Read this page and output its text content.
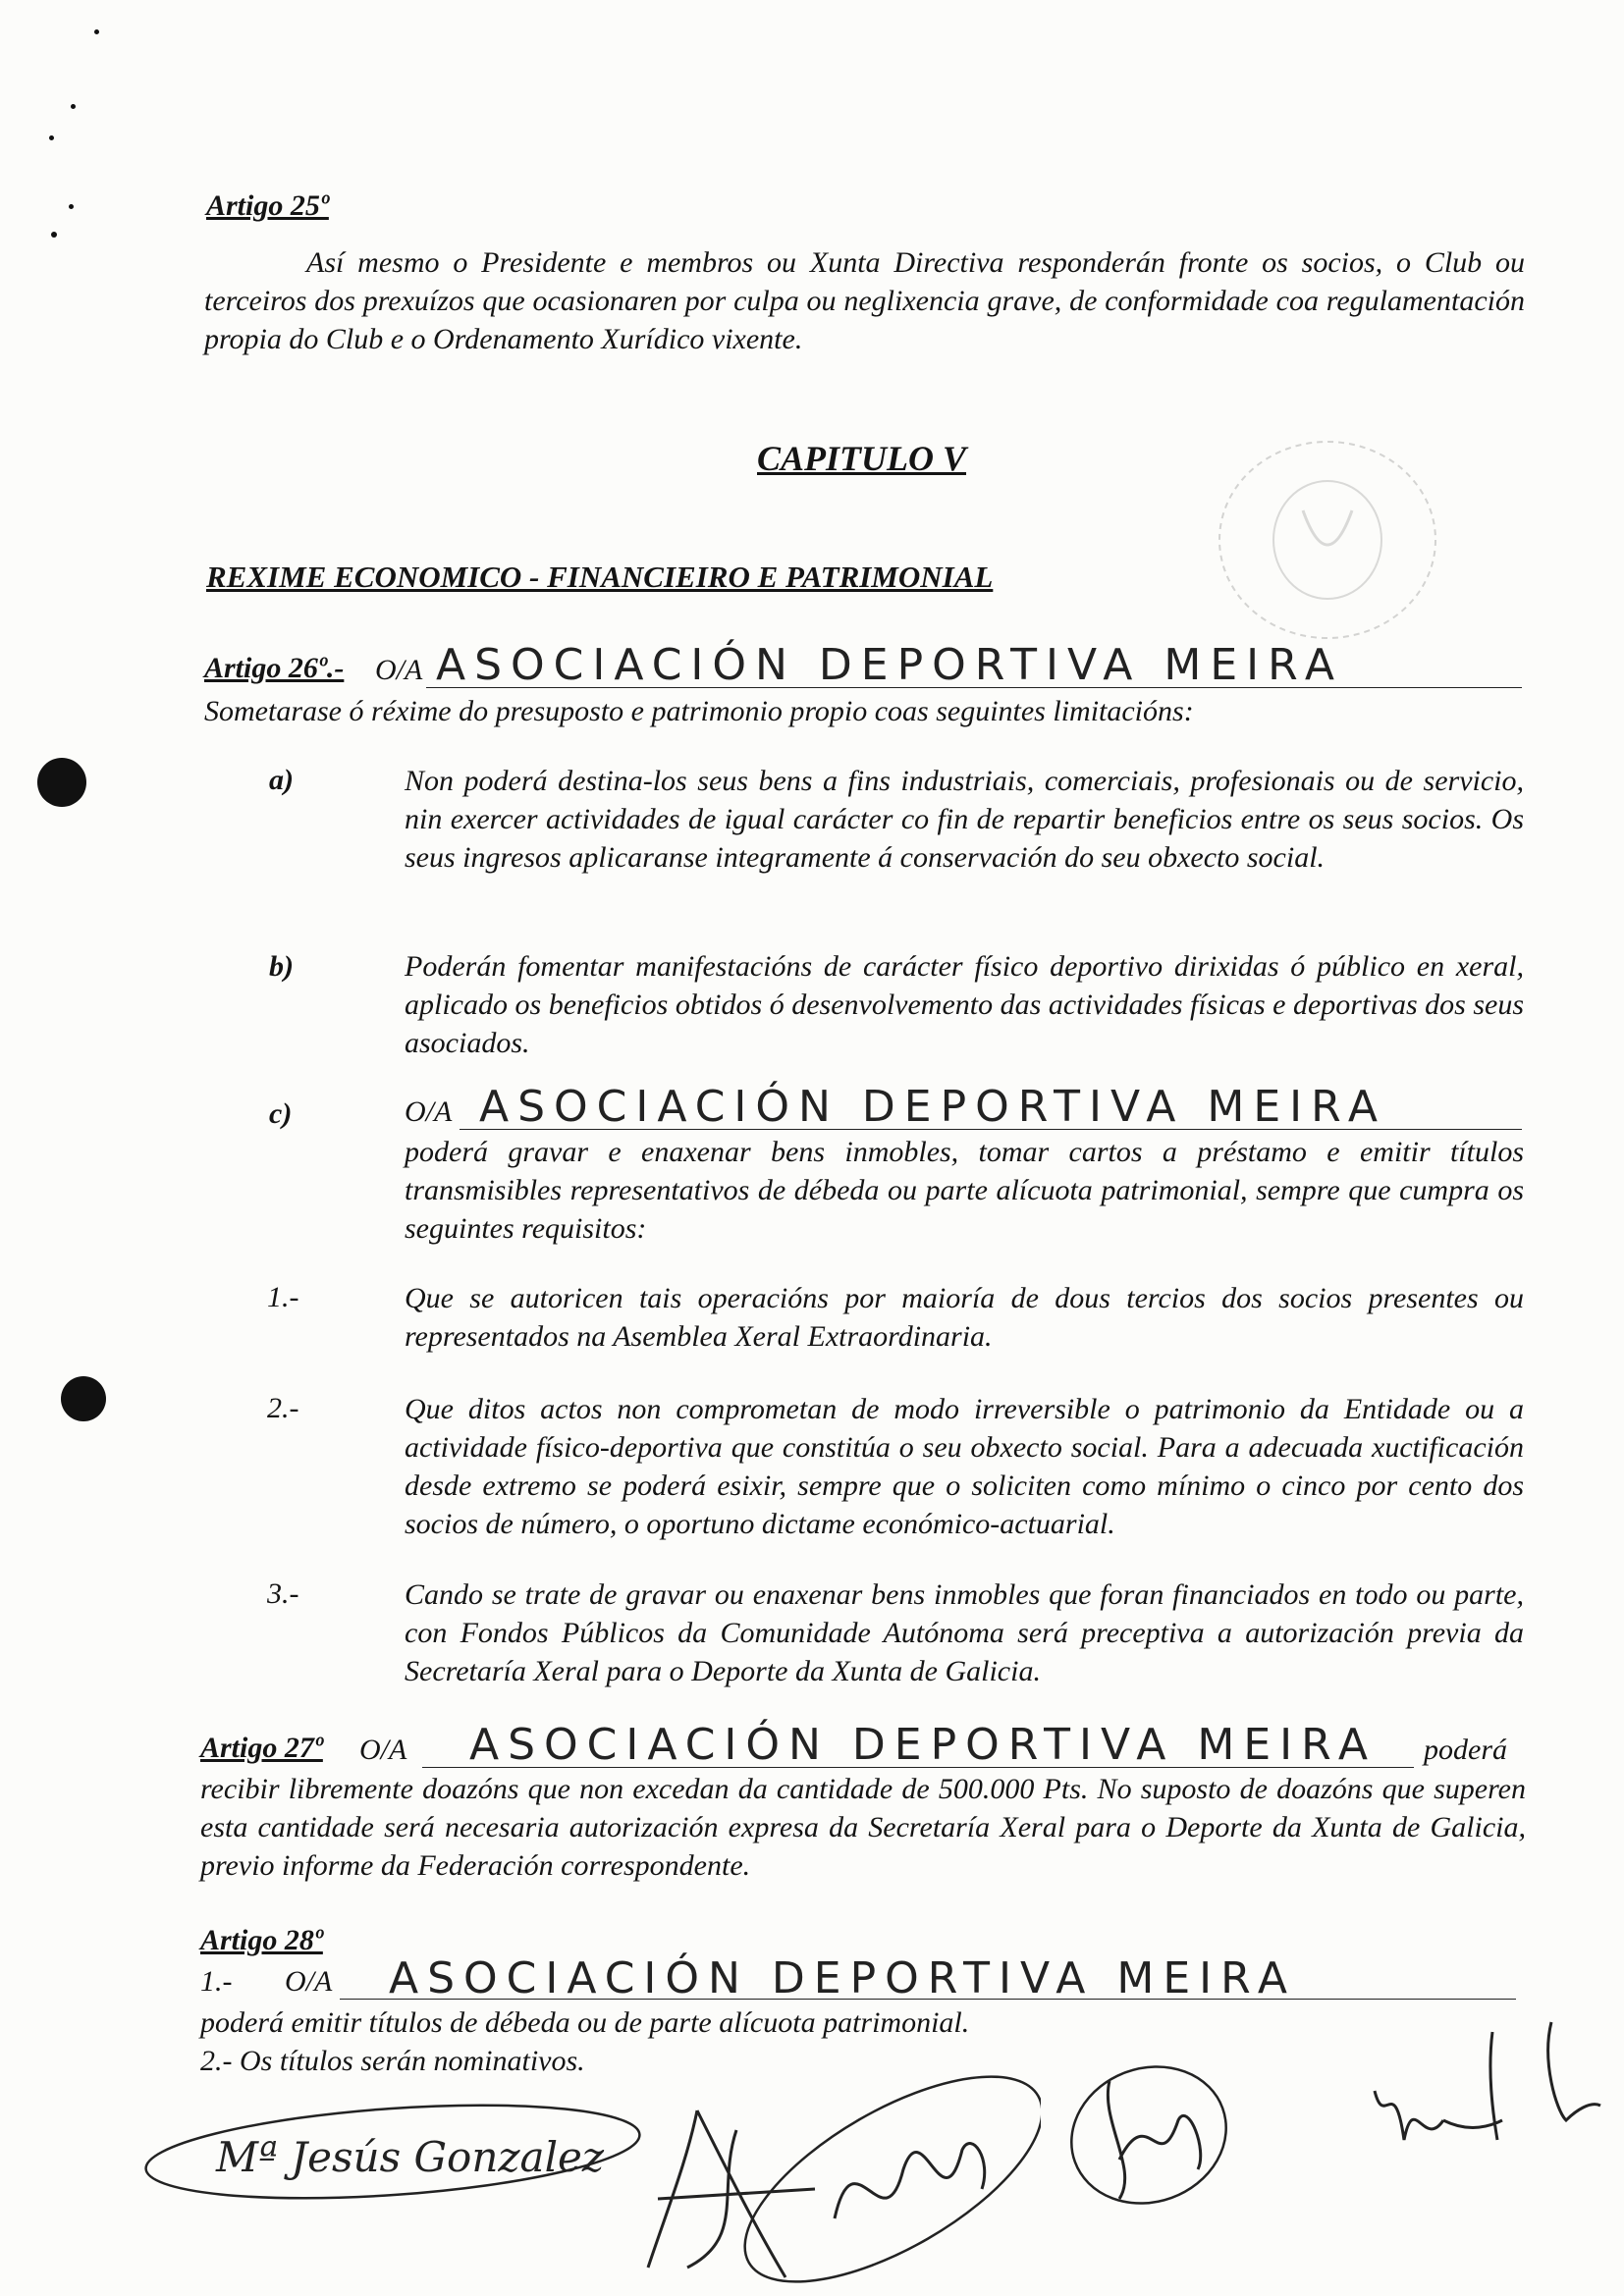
Artigo 25º
Así mesmo o Presidente e membros ou Xunta Directiva responderán fronte os socios, o Club ou terceiros dos prexuízos que ocasionaren por culpa ou neglixencia grave, de conformidade coa regulamentación propia do Club e o Ordenamento Xurídico vixente.
CAPITULO V
REXIME ECONOMICO - FINANCIEIRO E PATRIMONIAL
Artigo 26º.- O/A ASOCIACIÓN DEPORTIVA MEIRA
Sometarase ó réxime do presuposto e patrimonio propio coas seguintes limitacións:
a)	Non poderá destina-los seus bens a fins industriais, comerciais, profesionais ou de servicio, nin exercer actividades de igual carácter co fin de repartir beneficios entre os seus socios. Os seus ingresos aplicaranse integramente á conservación do seu obxecto social.
b)	Poderán fomentar manifestacións de carácter físico deportivo dirixidas ó público en xeral, aplicado os beneficios obtidos ó desenvolvemento das actividades físicas e deportivas dos seus asociados.
c)	O/A ASOCIACIÓN DEPORTIVA MEIRA
poderá gravar e enaxenar bens inmobles, tomar cartos a préstamo e emitir títulos transmisibles representativos de débeda ou parte alícuota patrimonial, sempre que cumpra os seguintes requisitos:
1.-	Que se autoricen tais operacións por maioría de dous tercios dos socios presentes ou representados na Asemblea Xeral Extraordinaria.
2.-	Que ditos actos non comprometan de modo irreversible o patrimonio da Entidade ou a actividade físico-deportiva que constitúa o seu obxecto social. Para a adecuada xuctificación desde extremo se poderá esixir, sempre que o soliciten como mínimo o cinco por cento dos socios de número, o oportuno dictame económico-actuarial.
3.-	Cando se trate de gravar ou enaxenar bens inmobles que foran financiados en todo ou parte, con Fondos Públicos da Comunidade Autónoma será preceptiva a autorización previa da Secretaría Xeral para o Deporte da Xunta de Galicia.
Artigo 27º O/A ASOCIACIÓN DEPORTIVA MEIRA poderá
recibir libremente doazóns que non excedan da cantidade de 500.000 Pts. No suposto de doazóns que superen esta cantidade será necesaria autorización expresa da Secretaría Xeral para o Deporte da Xunta de Galicia, previo informe da Federación correspondente.
Artigo 28º
1.- O/A ASOCIACIÓN DEPORTIVA MEIRA
poderá emitir títulos de débeda ou de parte alícuota patrimonial.
2.- Os títulos serán nominativos.
Mª Jesús Gonzalez
